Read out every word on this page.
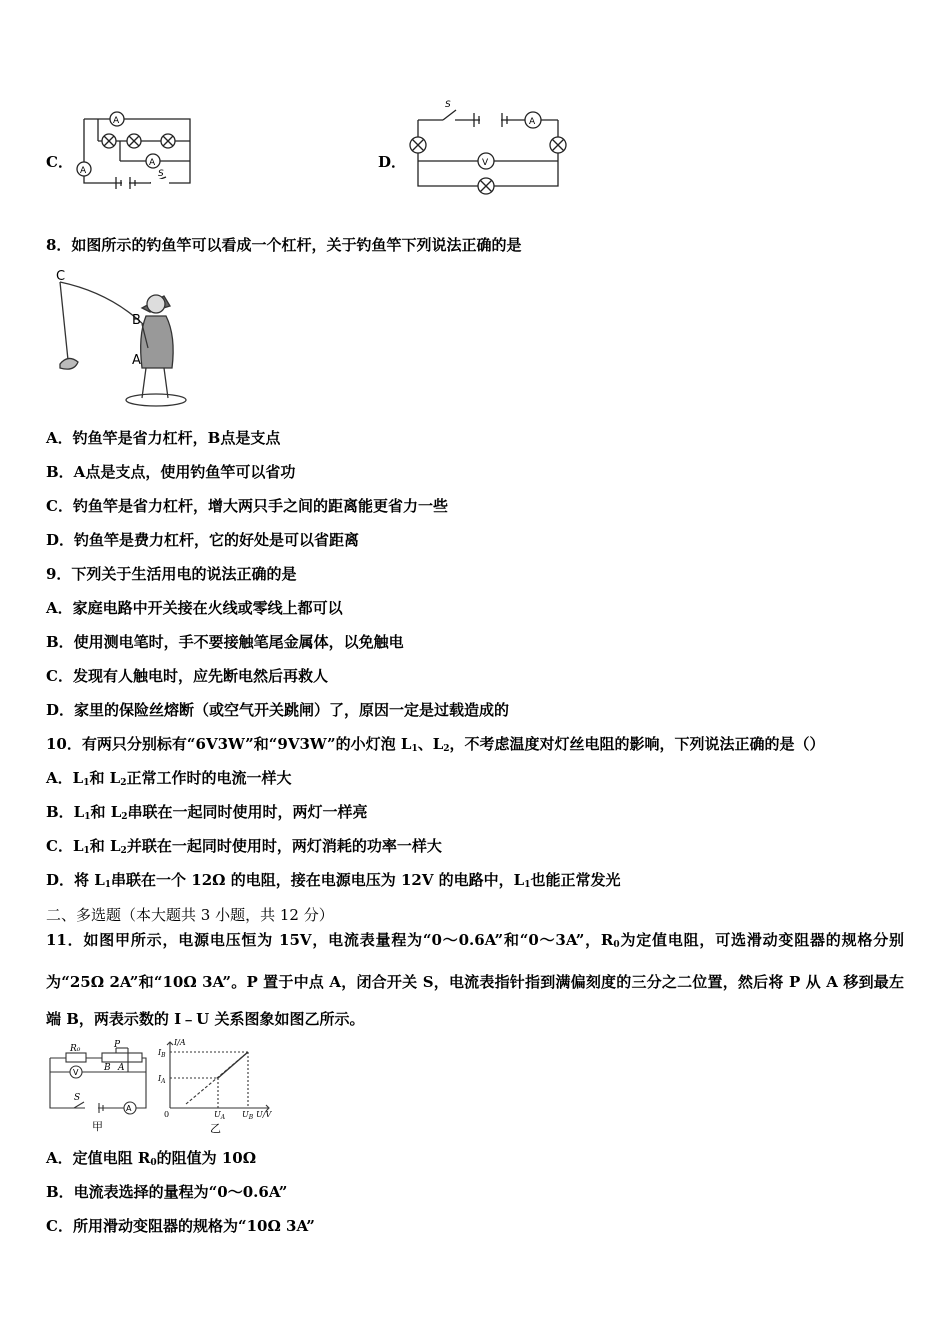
C．
A
A
A	S
D．
S
A
V
8．如图所示的钓鱼竿可以看成一个杠杆，关于钓鱼竿下列说法正确的是
C
B
A
A．钓鱼竿是省力杠杆，B点是支点
B．A点是支点，使用钓鱼竿可以省功
C．钓鱼竿是省力杠杆，增大两只手之间的距离能更省力一些
D．钓鱼竿是费力杠杆，它的好处是可以省距离
9．下列关于生活用电的说法正确的是
A．家庭电路中开关接在火线或零线上都可以
B．使用测电笔时，手不要接触笔尾金属体，以免触电
C．发现有人触电时，应先断电然后再救人
D．家里的保险丝熔断（或空气开关跳闸）了，原因一定是过载造成的
10．有两只分别标有“6V3W”和“9V3W”的小灯泡 $L_1$、$L_2$，不考虑温度对灯丝电阻的影响，下列说法正确的是（）
A．$L_1$和 $L_2$正常工作时的电流一样大
B．$L_1$和 $L_2$串联在一起同时使用时，两灯一样亮
C．$L_1$和 $L_2$并联在一起同时使用时，两灯消耗的功率一样大
D．将 $L_1$串联在一个 12Ω 的电阻，接在电源电压为 12V 的电路中，$L_1$也能正常发光
二、多选题（本大题共 3 小题，共 12 分）
11．如图甲所示，电源电压恒为 15V，电流表量程为“0～0.6A”和“0～3A”，$R_0$为定值电阻，可选滑动变阻器的规格分别为“25Ω 2A”和“10Ω 3A”。P 置于中点 A，闭合开关 S，电流表指针指到满偏刻度的三分之二位置，然后将 P 从 A 移到最左端 B，两表示数的 I﹣U 关系图象如图乙所示。
R₀	P
B A
V
A
S
甲
I/A
$I_B$
$I_A$
0	$U_A$ $U_B$ U/V
乙
A．定值电阻 $R_0$的阻值为 10Ω
B．电流表选择的量程为“0～0.6A”
C．所用滑动变阻器的规格为“10Ω 3A”
